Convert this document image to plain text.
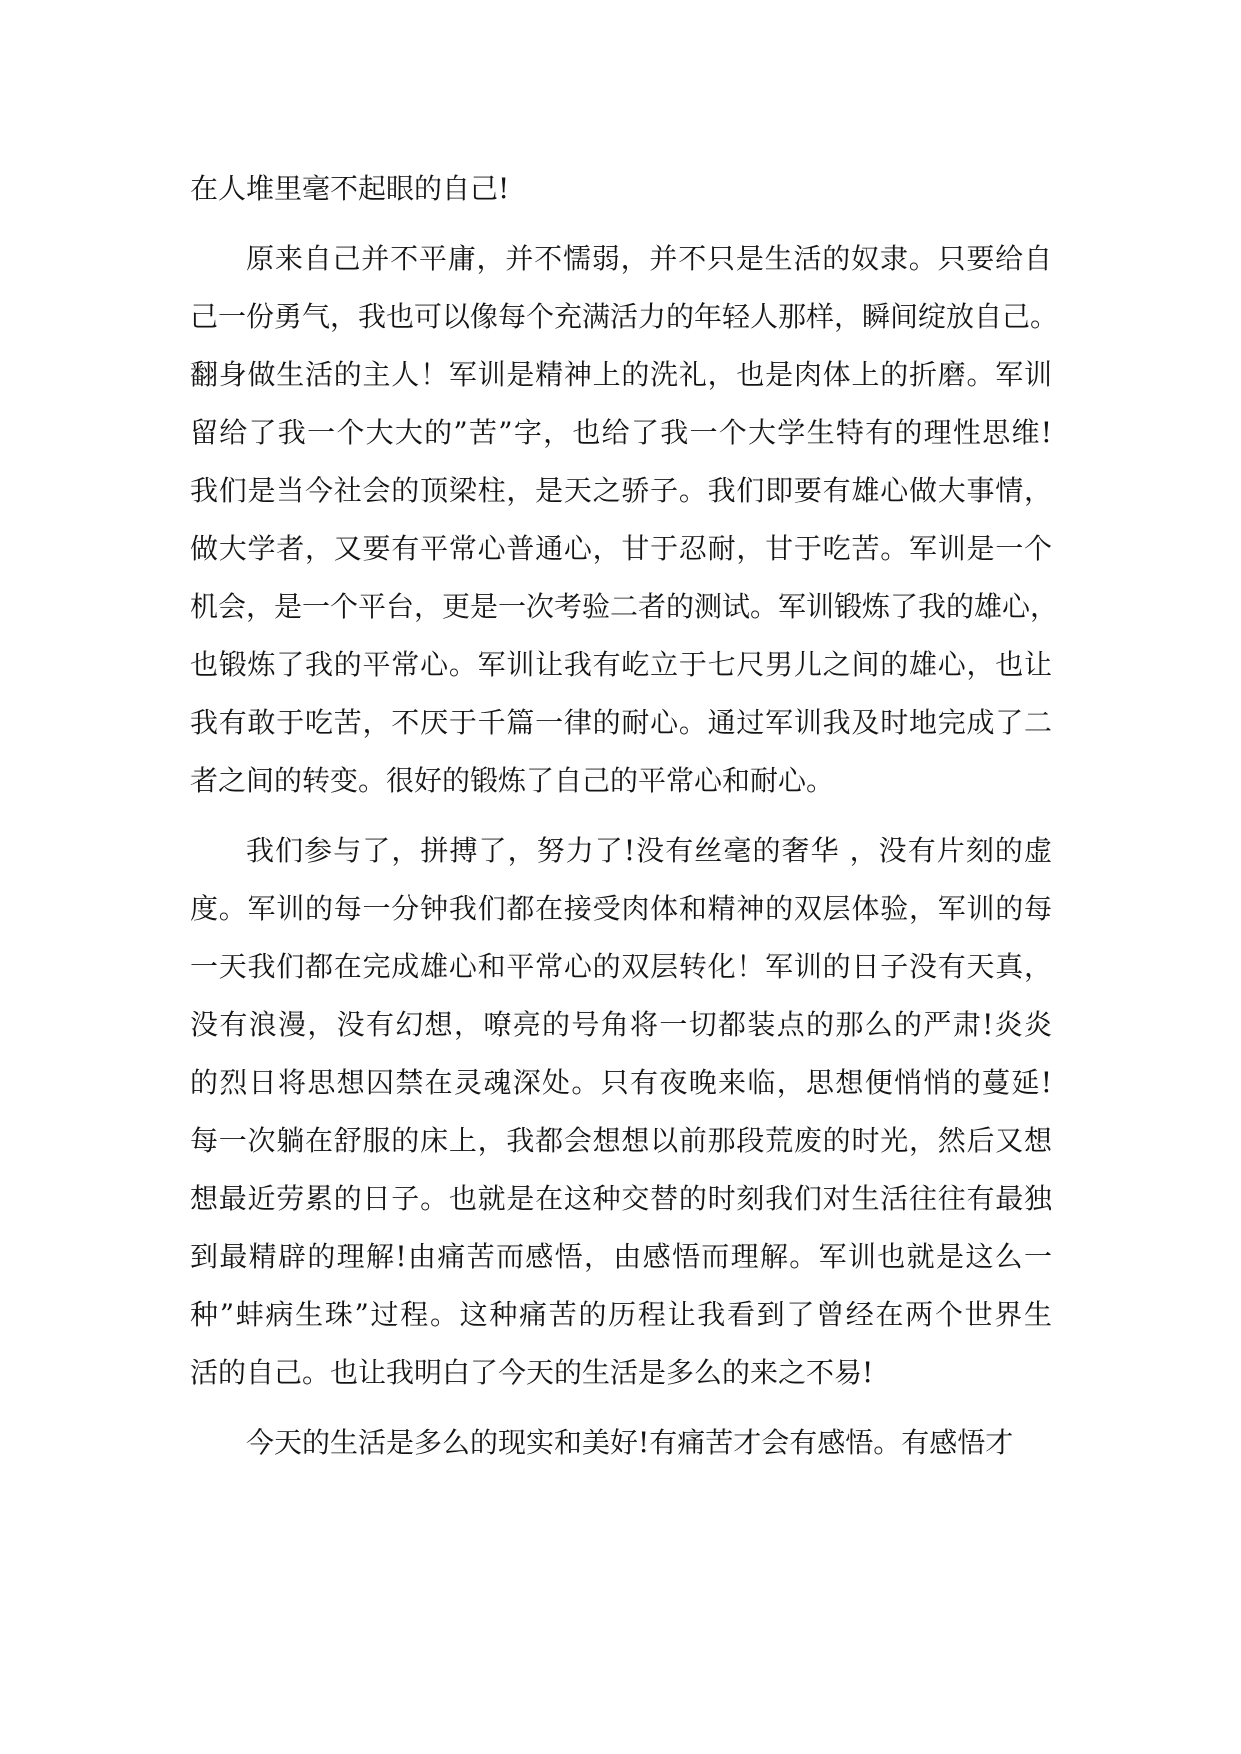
在人堆里毫不起眼的自己!
原来自己并不平庸，并不懦弱，并不只是生活的奴隶。只要给自
己一份勇气，我也可以像每个充满活力的年轻人那样，瞬间绽放自己。
翻身做生活的主人！军训是精神上的洗礼，也是肉体上的折磨。军训
留给了我一个大大的”苦”字，也给了我一个大学生特有的理性思维!
我们是当今社会的顶梁柱，是天之骄子。我们即要有雄心做大事情，
做大学者，又要有平常心普通心，甘于忍耐，甘于吃苦。军训是一个
机会，是一个平台，更是一次考验二者的测试。军训锻炼了我的雄心，
也锻炼了我的平常心。军训让我有屹立于七尺男儿之间的雄心，也让
我有敢于吃苦，不厌于千篇一律的耐心。通过军训我及时地完成了二
者之间的转变。很好的锻炼了自己的平常心和耐心。
我们参与了，拼搏了，努力了!没有丝毫的奢华 ，没有片刻的虚
度。军训的每一分钟我们都在接受肉体和精神的双层体验，军训的每
一天我们都在完成雄心和平常心的双层转化！军训的日子没有天真，
没有浪漫，没有幻想，嘹亮的号角将一切都装点的那么的严肃!炎炎
的烈日将思想囚禁在灵魂深处。只有夜晚来临，思想便悄悄的蔓延!
每一次躺在舒服的床上，我都会想想以前那段荒废的时光，然后又想
想最近劳累的日子。也就是在这种交替的时刻我们对生活往往有最独
到最精辟的理解!由痛苦而感悟，由感悟而理解。军训也就是这么一
种”蚌病生珠”过程。这种痛苦的历程让我看到了曾经在两个世界生
活的自己。也让我明白了今天的生活是多么的来之不易!
今天的生活是多么的现实和美好!有痛苦才会有感悟。有感悟才
